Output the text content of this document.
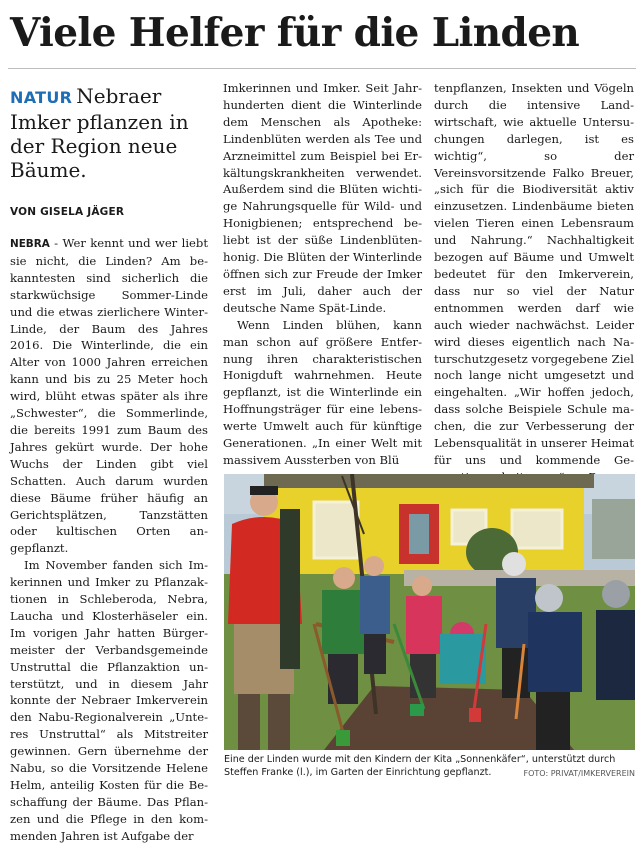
Viele Helfer für die Linden
NATUR Nebraer Imker pflanzen in der Region neue Bäume.
VON GISELA JÄGER

NEBRA - Wer kennt und wer liebt sie nicht, die Linden? Am bekanntesten sind sicherlich die starkwüchsige Sommer-Linde und die etwas zierlichere Winter-Linde, der Baum des Jahres 2016. Die Winterlinde, die ein Alter von 1000 Jahren erreichen kann und bis zu 25 Meter hoch wird, blüht etwas später als ihre „Schwester“, die Sommerlinde, die bereits 1991 zum Baum des Jahres gekürt wurde. Der hohe Wuchs der Linden gibt viel Schatten. Auch darum wurden diese Bäume früher häufig an Gerichtsplätzen, Tanzstätten oder kultischen Orten angepflanzt.

Im November fanden sich Imkerinnen und Imker zu Pflanzaktionen in Schleberoda, Nebra, Laucha und Klosterhäseler ein. Im vorigen Jahr hatten Bürgermeister der Verbandsgemeinde Unstruttal die Pflanzaktion unterstützt, und in diesem Jahr konnte der Nebraer Imkerverein den Nabu-Regionalverein „Unteres Unstruttal“ als Mitstreiter gewinnen. Gern übernehme der Nabu, so die Vorsitzende Helene Helm, anteilig Kosten für die Beschaffung der Bäume. Das Pflanzen und die Pflege in den kommenden Jahren ist Aufgabe der

Imkerinnen und Imker. Seit Jahrhunderten dient die Winterlinde dem Menschen als Apotheke: Lindenblüten werden als Tee und Arzneimittel zum Beispiel bei Erkältungskrankheiten verwendet. Außerdem sind die Blüten wichtige Nahrungsquelle für Wild- und Honigbienen; entsprechend beliebt ist der süße Lindenblütenhonig. Die Blüten der Winterlinde öffnen sich zur Freude der Imker erst im Juli, daher auch der deutsche Name Spät-Linde.

Wenn Linden blühen, kann man schon auf größere Entfernung ihren charakteristischen Honigduft wahrnehmen. Heute gepflanzt, ist die Winterlinde ein Hoffnungsträger für eine lebenswerte Umwelt auch für künftige Generationen. „In einer Welt mit massivem Aussterben von Blü

tenpflanzen, Insekten und Vögeln durch die intensive Landwirtschaft, wie aktuelle Untersuchungen darlegen, ist es wichtig“, so der Vereinsvorsitzende Falko Breuer, „sich für die Biodiversität aktiv einzusetzen. Lindenbäume bieten vielen Tieren einen Lebensraum und Nahrung.“ Nachhaltigkeit bezogen auf Bäume und Umwelt bedeutet für den Imkerverein, dass nur so viel der Natur entnommen werden darf wie auch wieder nachwächst. Leider wird dieses eigentlich nach Naturschutzgesetz vorgegebene Ziel noch lange nicht umgesetzt und eingehalten. „Wir hoffen jedoch, dass solche Beispiele Schule machen, die zur Verbesserung der Lebensqualität in unserer Heimat für uns und kommende Ge

Eine der Linden wurde mit den Kindern der Kita „Sonnenkäfer“, unterstützt durch Steffen Franke (l.), im Garten der Einrichtung gepflanzt.	FOTO: PRIVAT/IMKERVEREIN
